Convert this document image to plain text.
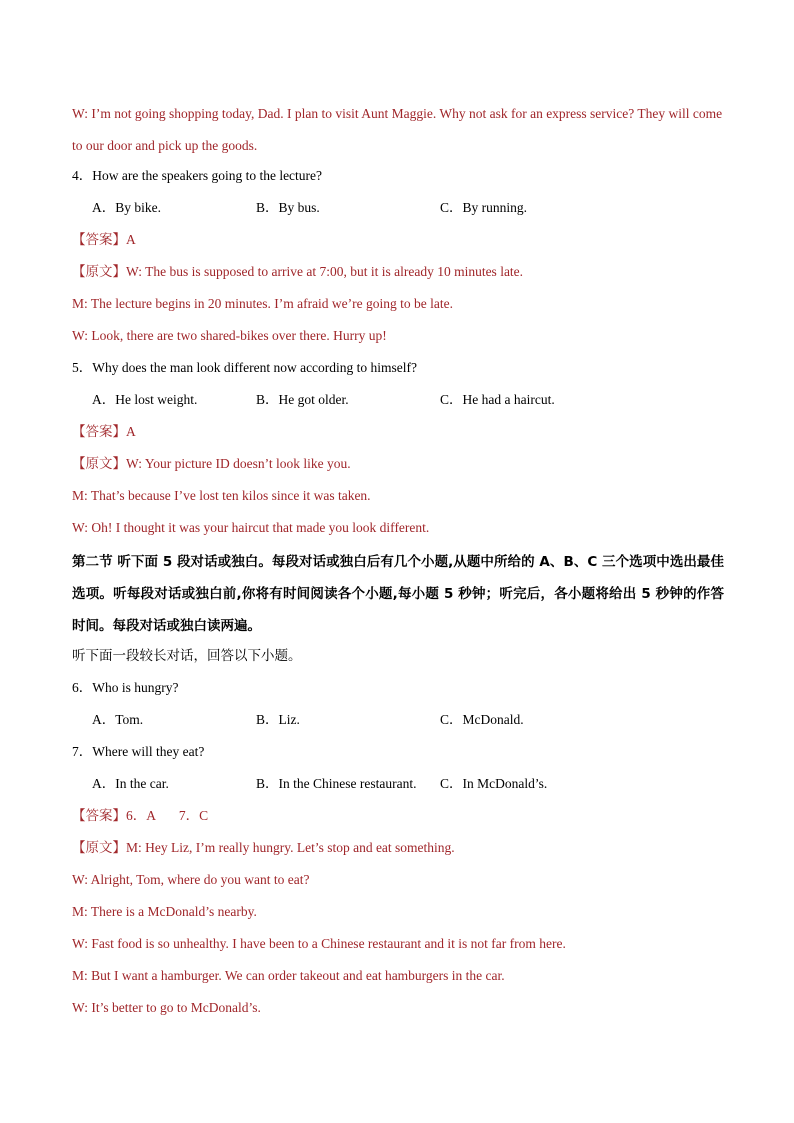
W: I’m not going shopping today, Dad. I plan to visit Aunt Maggie. Why not ask for an express service? They will come to our door and pick up the goods.
4．How are the speakers going to the lecture?
A．By bike.	B．By bus.	C．By running.
【答案】A
【原文】W: The bus is supposed to arrive at 7:00, but it is already 10 minutes late.
M: The lecture begins in 20 minutes. I’m afraid we’re going to be late.
W: Look, there are two shared-bikes over there. Hurry up!
5．Why does the man look different now according to himself?
A．He lost weight.	B．He got older.	C．He had a haircut.
【答案】A
【原文】W: Your picture ID doesn’t look like you.
M: That’s because I’ve lost ten kilos since it was taken.
W: Oh! I thought it was your haircut that made you look different.
第二节 听下面 5 段对话或独白。每段对话或独白后有几个小题,从题中所给的 A、B、C 三个选项中选出最佳选项。听每段对话或独白前,你将有时间阅读各个小题,每小题 5 秒钟；听完后，各小题将给出 5 秒钟的作答时间。每段对话或独白读两遍。
听下面一段较长对话，回答以下小题。
6．Who is hungry?
A．Tom.	B．Liz.	C．McDonald.
7．Where will they eat?
A．In the car.	B．In the Chinese restaurant. C．In McDonald’s.
【答案】6．A       7．C
【原文】M: Hey Liz, I’m really hungry. Let’s stop and eat something.
W: Alright, Tom, where do you want to eat?
M: There is a McDonald’s nearby.
W: Fast food is so unhealthy. I have been to a Chinese restaurant and it is not far from here.
M: But I want a hamburger. We can order takeout and eat hamburgers in the car.
W: It’s better to go to McDonald’s.
